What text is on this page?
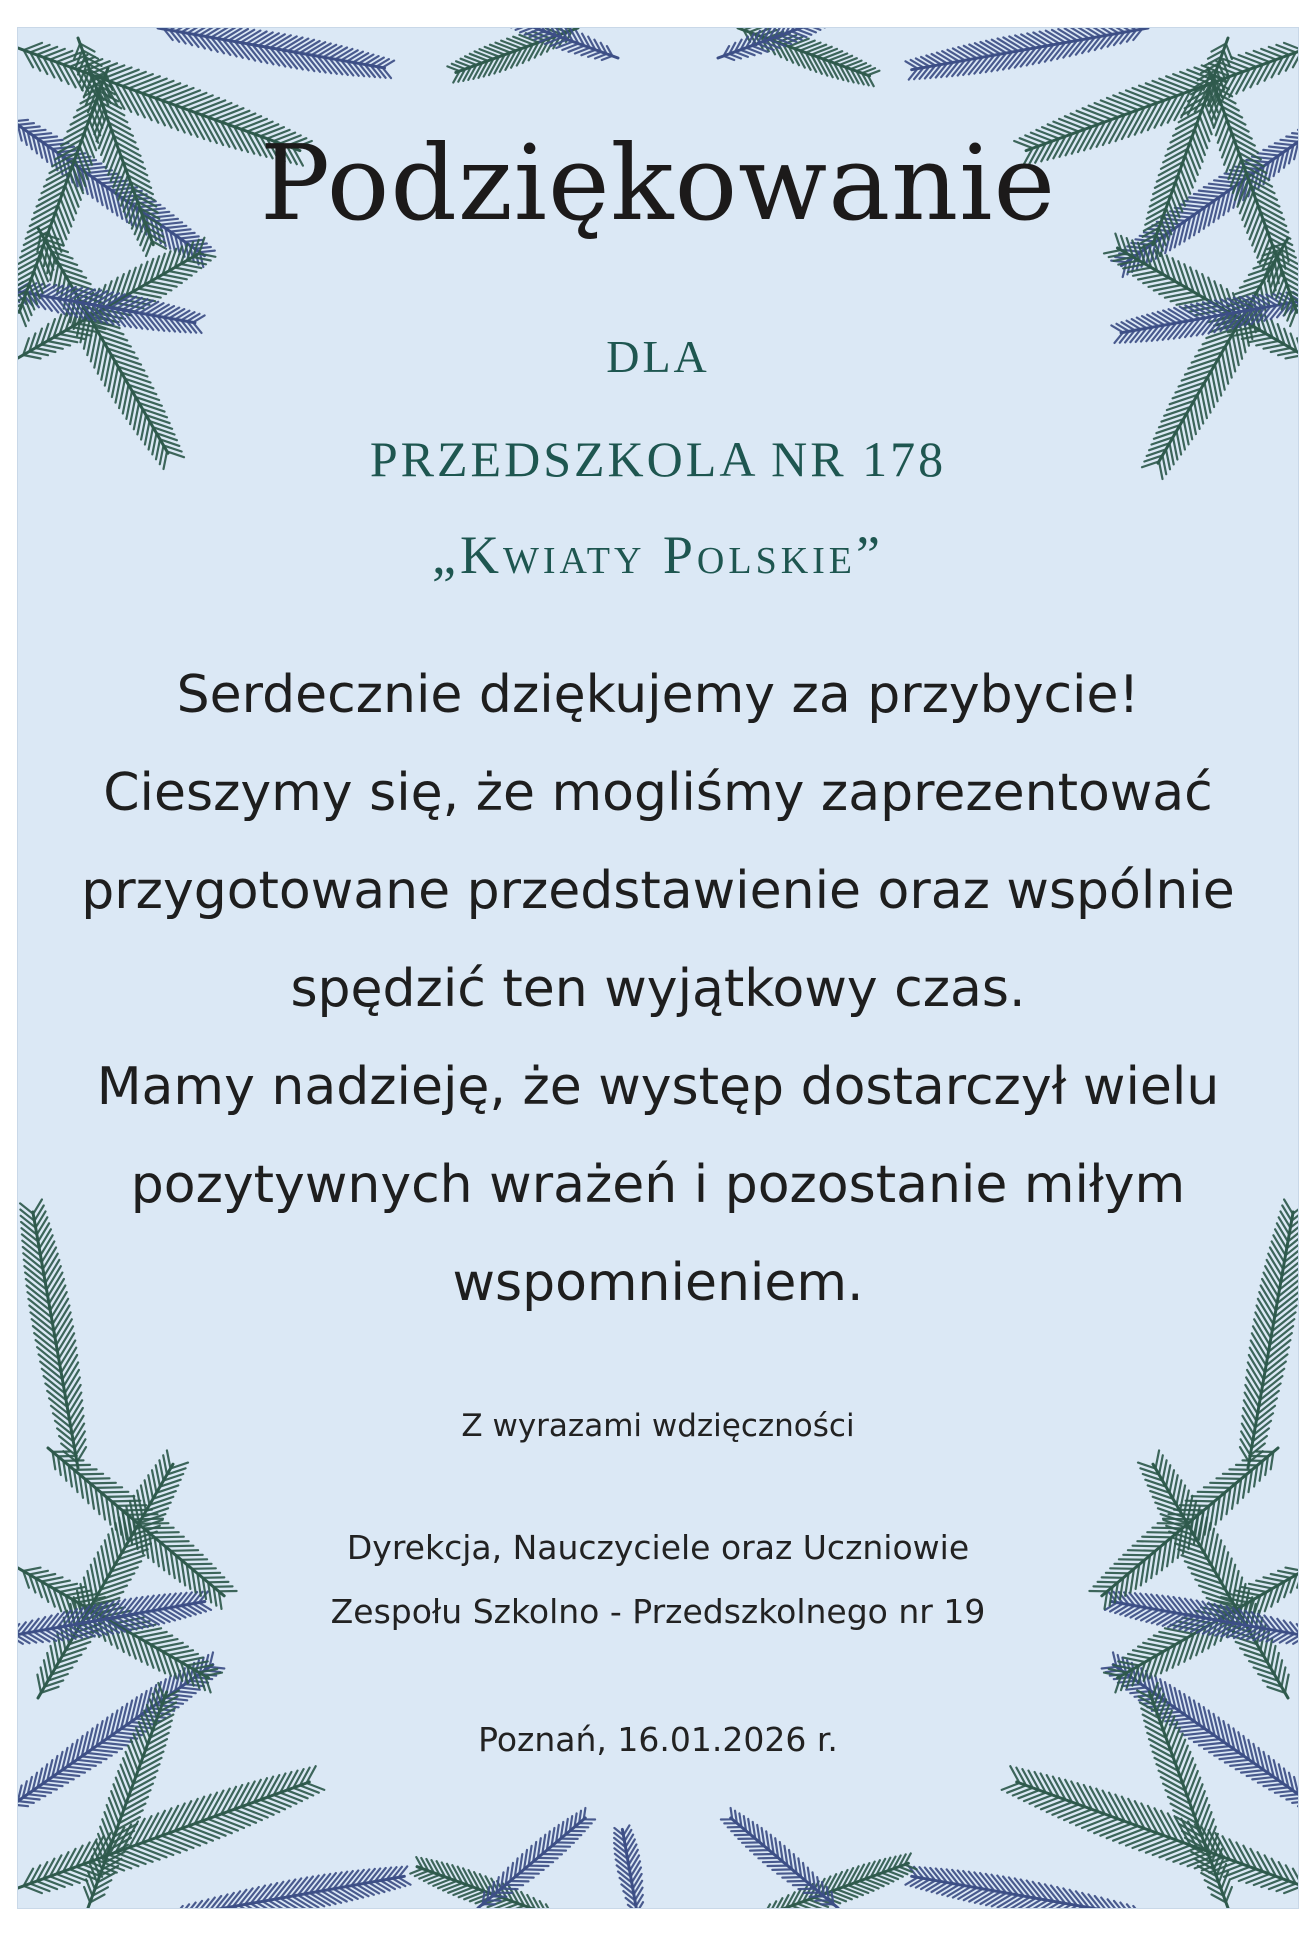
Podziękowanie
DLA
PRZEDSZKOLA NR 178
„Kwiaty Polskie”
Serdecznie dziękujemy za przybycie!
Cieszymy się, że mogliśmy zaprezentować
przygotowane przedstawienie oraz wspólnie
spędzić ten wyjątkowy czas.
Mamy nadzieję, że występ dostarczył wielu
pozytywnych wrażeń i pozostanie miłym
wspomnieniem.
Z wyrazami wdzięczności
Dyrekcja, Nauczyciele oraz Uczniowie
Zespołu Szkolno - Przedszkolnego nr 19
Poznań, 16.01.2026 r.
